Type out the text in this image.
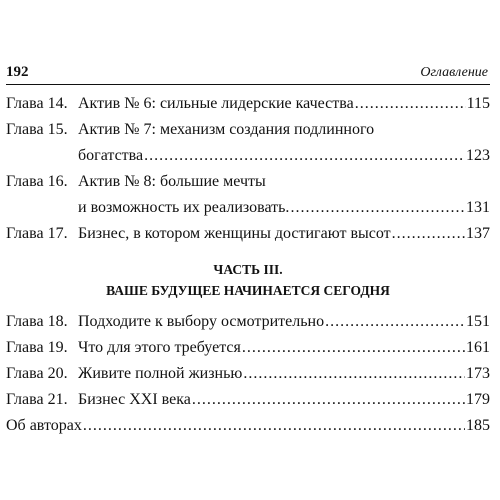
192	Оглавление
Глава 14. Актив № 6: сильные лидерские качества .....	115
Глава 15. Актив № 7: механизм создания подлинного
богатства .....	123
Глава 16. Актив № 8: большие мечты
и возможность их реализовать. .....	131
Глава 17. Бизнес, в котором женщины достигают высот .....	137
ЧАСТЬ III.
ВАШЕ БУДУЩЕЕ НАЧИНАЕТСЯ СЕГОДНЯ
Глава 18. Подходите к выбору осмотрительно .....	151
Глава 19. Что для этого требуется .....	161
Глава 20. Живите полной жизнью .....	173
Глава 21. Бизнес XXI века .....	179
Об авторах .....	185
